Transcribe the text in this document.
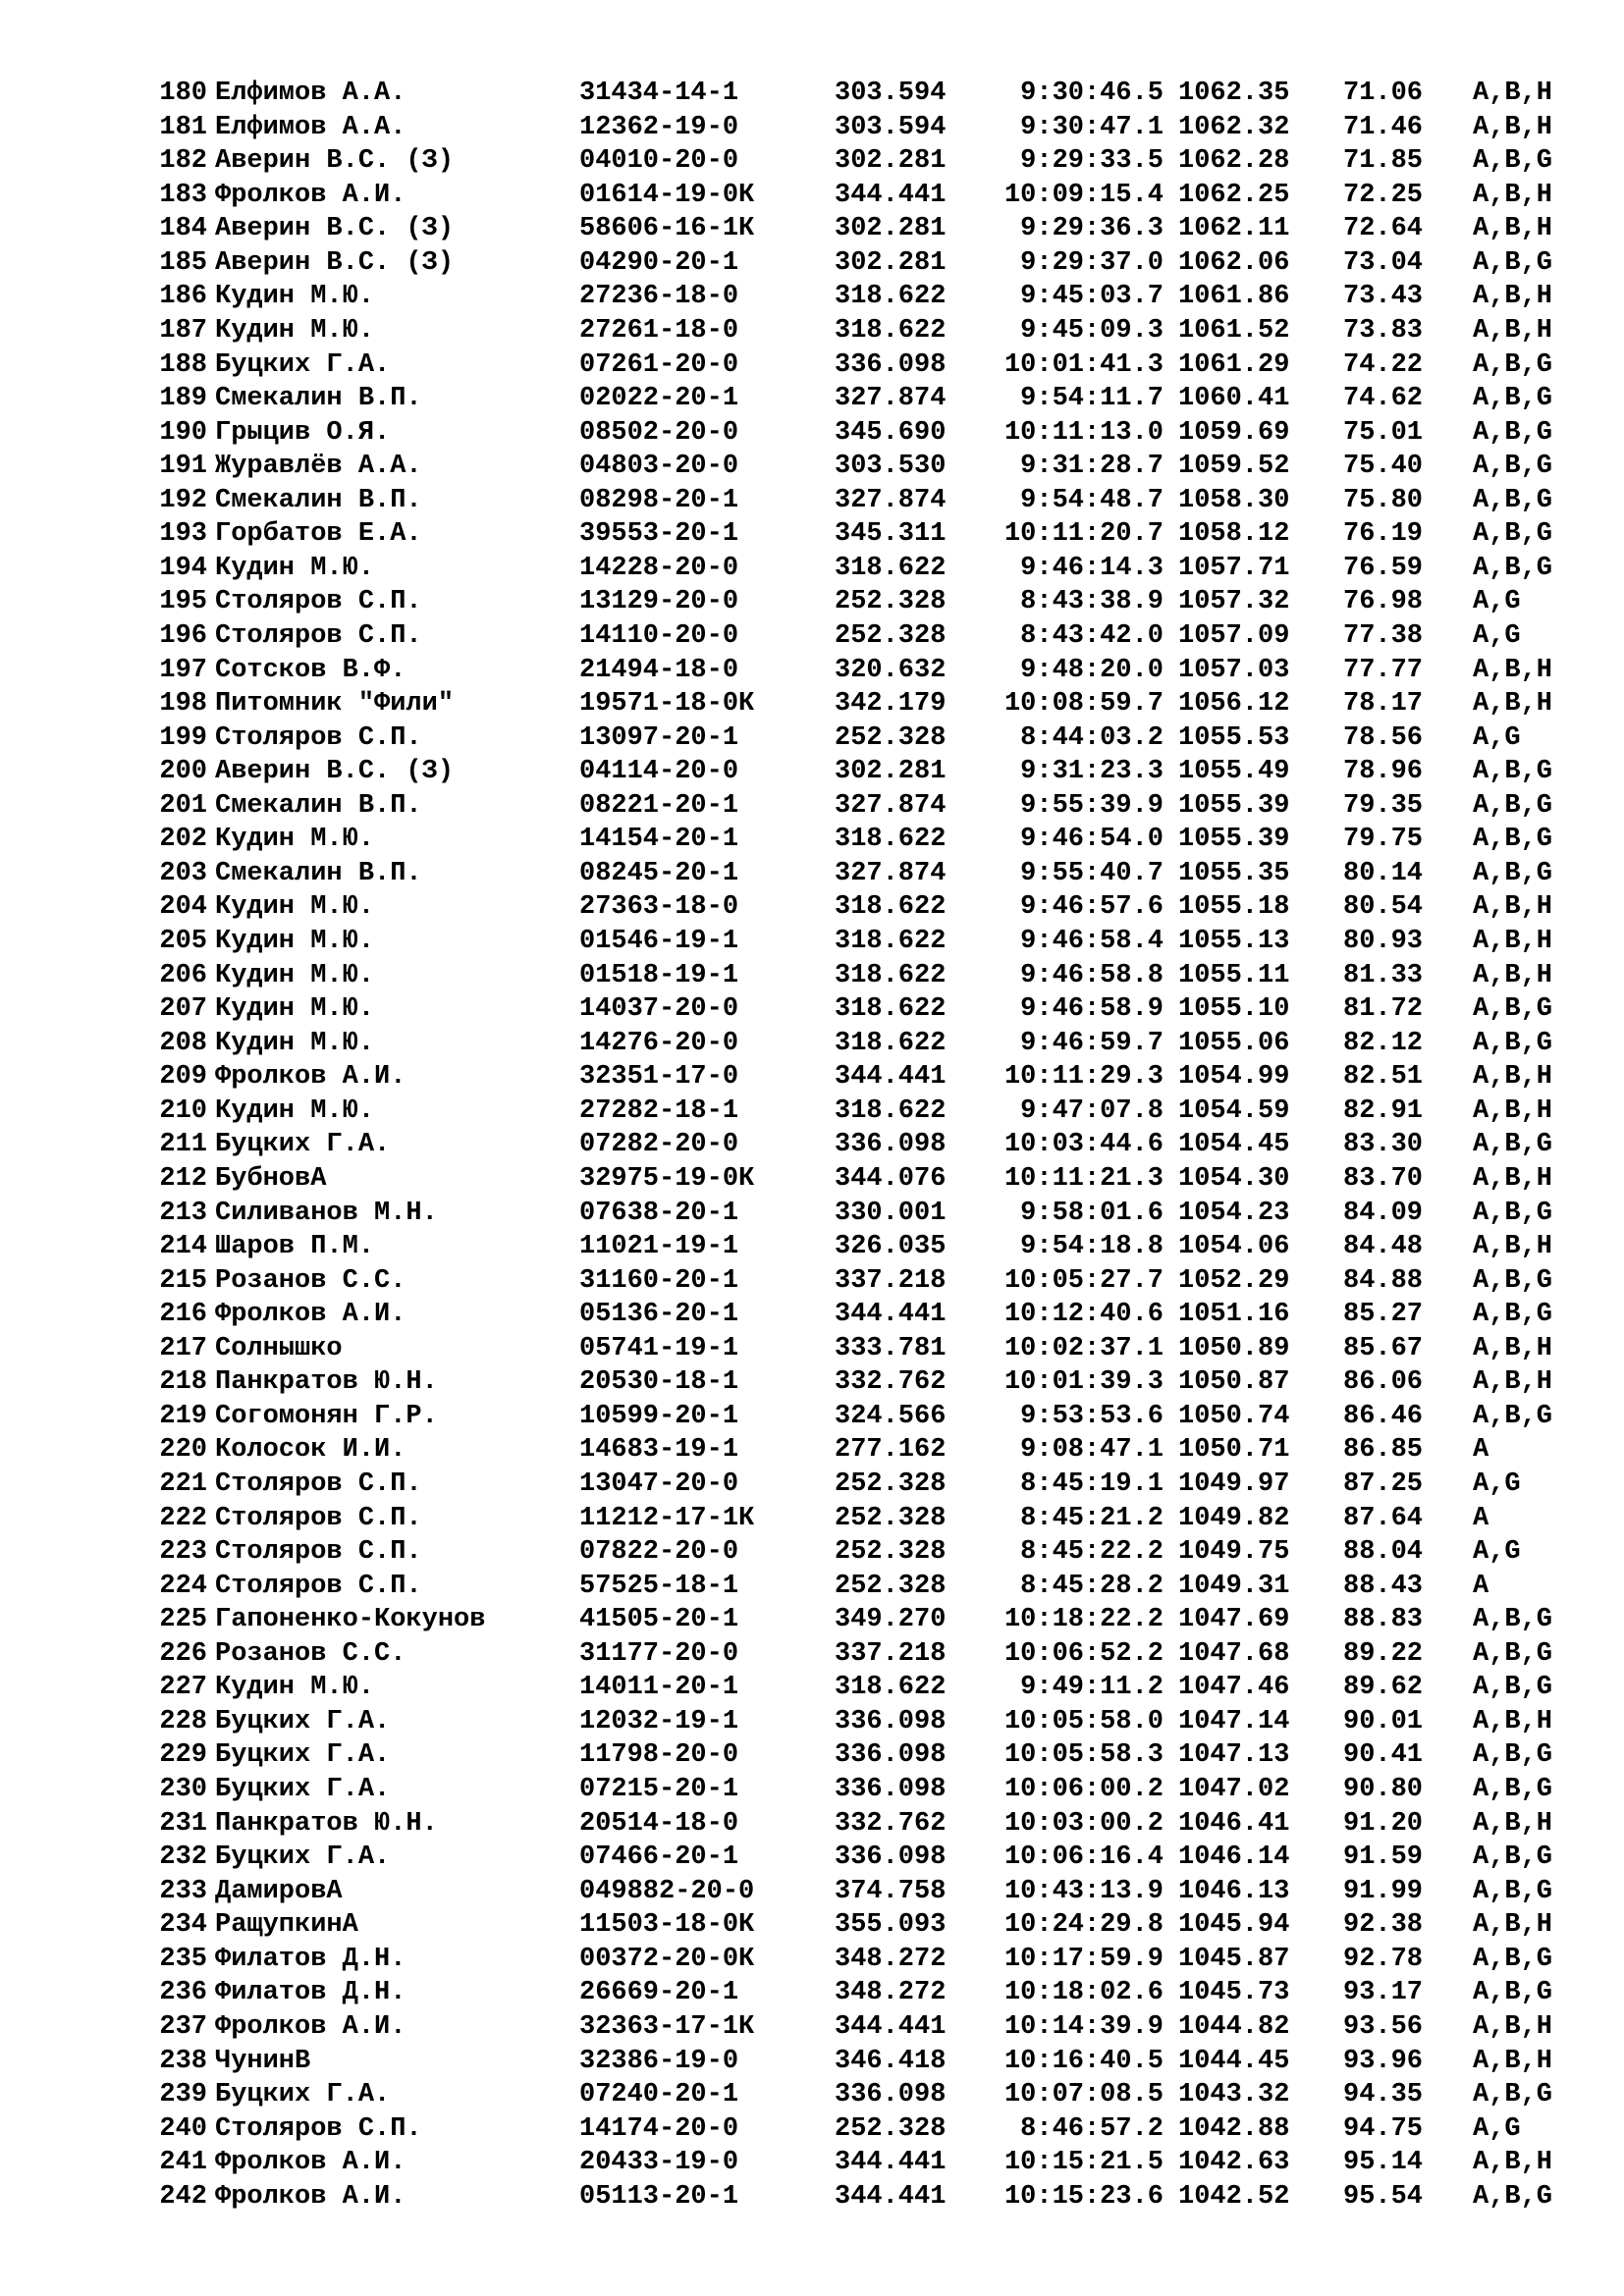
180 Елфимов А.А.	31434-14-1	303.594	9:30:46.5 1062.35 71.06 A,B,H
181 Елфимов А.А.	12362-19-0	303.594	9:30:47.1 1062.32 71.46 A,B,H
182 Аверин В.С. (З)	04010-20-0	302.281	9:29:33.5 1062.28 71.85 A,B,G
183 Фролков А.И.	01614-19-0К	344.441	10:09:15.4 1062.25 72.25 A,B,H
184 Аверин В.С. (З)	58606-16-1К	302.281	9:29:36.3 1062.11 72.64 A,B,H
185 Аверин В.С. (З)	04290-20-1	302.281	9:29:37.0 1062.06 73.04 A,B,G
186 Кудин М.Ю.	27236-18-0	318.622	9:45:03.7 1061.86 73.43 A,B,H
187 Кудин М.Ю.	27261-18-0	318.622	9:45:09.3 1061.52 73.83 A,B,H
188 Буцких Г.А.	07261-20-0	336.098	10:01:41.3 1061.29 74.22 A,B,G
189 Смекалин В.П.	02022-20-1	327.874	9:54:11.7 1060.41 74.62 A,B,G
190 Грыцив О.Я.	08502-20-0	345.690	10:11:13.0 1059.69 75.01 A,B,G
191 Журавлёв А.А.	04803-20-0	303.530	9:31:28.7 1059.52 75.40 A,B,G
192 Смекалин В.П.	08298-20-1	327.874	9:54:48.7 1058.30 75.80 A,B,G
193 Горбатов Е.А.	39553-20-1	345.311	10:11:20.7 1058.12 76.19 A,B,G
194 Кудин М.Ю.	14228-20-0	318.622	9:46:14.3 1057.71 76.59 A,B,G
195 Столяров С.П.	13129-20-0	252.328	8:43:38.9 1057.32 76.98 A,G
196 Столяров С.П.	14110-20-0	252.328	8:43:42.0 1057.09 77.38 A,G
197 Сотсков В.Ф.	21494-18-0	320.632	9:48:20.0 1057.03 77.77 A,B,H
198 Питомник "Фили"	19571-18-0К	342.179	10:08:59.7 1056.12 78.17 A,B,H
199 Столяров С.П.	13097-20-1	252.328	8:44:03.2 1055.53 78.56 A,G
200 Аверин В.С. (З)	04114-20-0	302.281	9:31:23.3 1055.49 78.96 A,B,G
201 Смекалин В.П.	08221-20-1	327.874	9:55:39.9 1055.39 79.35 A,B,G
202 Кудин М.Ю.	14154-20-1	318.622	9:46:54.0 1055.39 79.75 A,B,G
203 Смекалин В.П.	08245-20-1	327.874	9:55:40.7 1055.35 80.14 A,B,G
204 Кудин М.Ю.	27363-18-0	318.622	9:46:57.6 1055.18 80.54 A,B,H
205 Кудин М.Ю.	01546-19-1	318.622	9:46:58.4 1055.13 80.93 A,B,H
206 Кудин М.Ю.	01518-19-1	318.622	9:46:58.8 1055.11 81.33 A,B,H
207 Кудин М.Ю.	14037-20-0	318.622	9:46:58.9 1055.10 81.72 A,B,G
208 Кудин М.Ю.	14276-20-0	318.622	9:46:59.7 1055.06 82.12 A,B,G
209 Фролков А.И.	32351-17-0	344.441	10:11:29.3 1054.99 82.51 A,B,H
210 Кудин М.Ю.	27282-18-1	318.622	9:47:07.8 1054.59 82.91 A,B,H
211 Буцких Г.А.	07282-20-0	336.098	10:03:44.6 1054.45 83.30 A,B,G
212 БубновА	32975-19-0К	344.076	10:11:21.3 1054.30 83.70 A,B,H
213 Силиванов М.Н.	07638-20-1	330.001	9:58:01.6 1054.23 84.09 A,B,G
214 Шаров П.М.	11021-19-1	326.035	9:54:18.8 1054.06 84.48 A,B,H
215 Розанов С.С.	31160-20-1	337.218	10:05:27.7 1052.29 84.88 A,B,G
216 Фролков А.И.	05136-20-1	344.441	10:12:40.6 1051.16 85.27 A,B,G
217 Солнышко	05741-19-1	333.781	10:02:37.1 1050.89 85.67 A,B,H
218 Панкратов Ю.Н.	20530-18-1	332.762	10:01:39.3 1050.87 86.06 A,B,H
219 Согомонян Г.Р.	10599-20-1	324.566	9:53:53.6 1050.74 86.46 A,B,G
220 Колосок И.И.	14683-19-1	277.162	9:08:47.1 1050.71 86.85 A
221 Столяров С.П.	13047-20-0	252.328	8:45:19.1 1049.97 87.25 A,G
222 Столяров С.П.	11212-17-1К	252.328	8:45:21.2 1049.82 87.64 A
223 Столяров С.П.	07822-20-0	252.328	8:45:22.2 1049.75 88.04 A,G
224 Столяров С.П.	57525-18-1	252.328	8:45:28.2 1049.31 88.43 A
225 Гапоненко-Кокунов	41505-20-1	349.270	10:18:22.2 1047.69 88.83 A,B,G
226 Розанов С.С.	31177-20-0	337.218	10:06:52.2 1047.68 89.22 A,B,G
227 Кудин М.Ю.	14011-20-1	318.622	9:49:11.2 1047.46 89.62 A,B,G
228 Буцких Г.А.	12032-19-1	336.098	10:05:58.0 1047.14 90.01 A,B,H
229 Буцких Г.А.	11798-20-0	336.098	10:05:58.3 1047.13 90.41 A,B,G
230 Буцких Г.А.	07215-20-1	336.098	10:06:00.2 1047.02 90.80 A,B,G
231 Панкратов Ю.Н.	20514-18-0	332.762	10:03:00.2 1046.41 91.20 A,B,H
232 Буцких Г.А.	07466-20-1	336.098	10:06:16.4 1046.14 91.59 A,B,G
233 ДамировА	049882-20-0	374.758	10:43:13.9 1046.13 91.99 A,B,G
234 РащупкинА	11503-18-0К	355.093	10:24:29.8 1045.94 92.38 A,B,H
235 Филатов Д.Н.	00372-20-0К	348.272	10:17:59.9 1045.87 92.78 A,B,G
236 Филатов Д.Н.	26669-20-1	348.272	10:18:02.6 1045.73 93.17 A,B,G
237 Фролков А.И.	32363-17-1К	344.441	10:14:39.9 1044.82 93.56 A,B,H
238 ЧунинВ	32386-19-0	346.418	10:16:40.5 1044.45 93.96 A,B,H
239 Буцких Г.А.	07240-20-1	336.098	10:07:08.5 1043.32 94.35 A,B,G
240 Столяров С.П.	14174-20-0	252.328	8:46:57.2 1042.88 94.75 A,G
241 Фролков А.И.	20433-19-0	344.441	10:15:21.5 1042.63 95.14 A,B,H
242 Фролков А.И.	05113-20-1	344.441	10:15:23.6 1042.52 95.54 A,B,G
